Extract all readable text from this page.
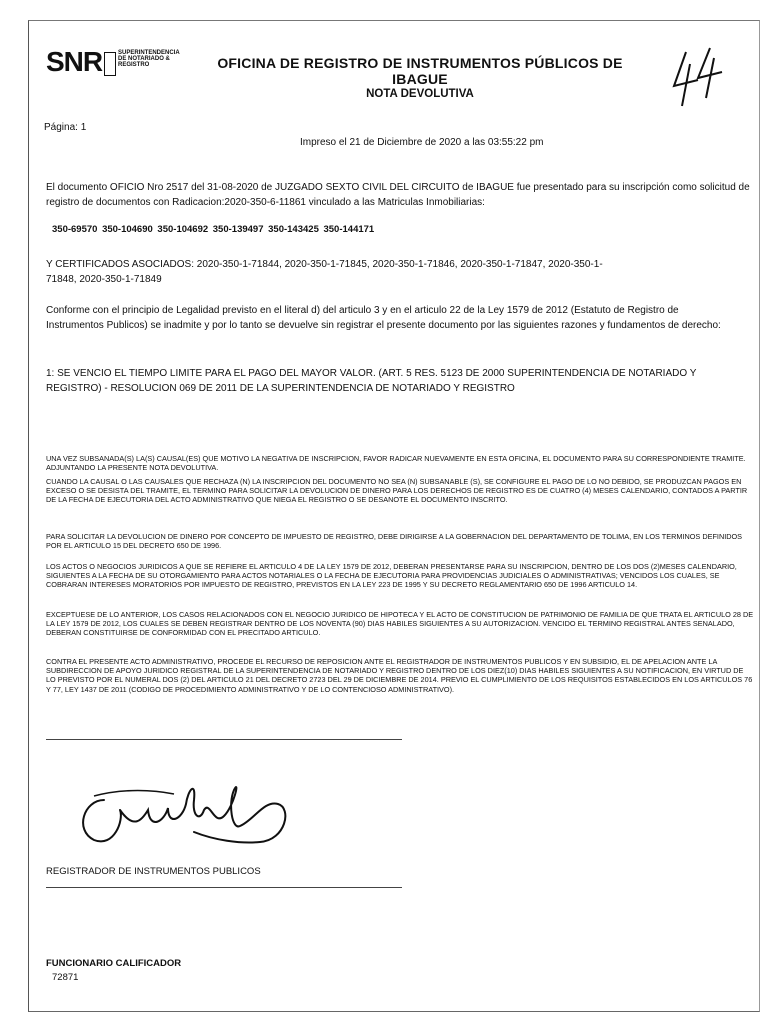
SNR	SUPERINTENDENCIA DE NOTARIADO & REGISTRO	OFICINA DE REGISTRO DE INSTRUMENTOS PÚBLICOS DE IBAGUE
NOTA DEVOLUTIVA
Página: 1
Impreso el 21 de Diciembre de 2020 a las 03:55:22 pm
El documento OFICIO Nro 2517 del 31-08-2020 de JUZGADO SEXTO CIVIL DEL CIRCUITO de IBAGUE fue presentado para su inscripción como solicitud de registro de documentos con Radicacion:2020-350-6-11861 vinculado a las Matriculas Inmobiliarias:
350-69570 350-104690 350-104692 350-139497 350-143425 350-144171
Y CERTIFICADOS ASOCIADOS: 2020-350-1-71844, 2020-350-1-71845, 2020-350-1-71846, 2020-350-1-71847, 2020-350-1-71848, 2020-350-1-71849
Conforme con el principio de Legalidad previsto en el literal d) del articulo 3 y en el articulo 22 de la Ley 1579 de 2012 (Estatuto de Registro de Instrumentos Publicos) se inadmite y por lo tanto se devuelve sin registrar el presente documento por las siguientes razones y fundamentos de derecho:
1: SE VENCIO EL TIEMPO LIMITE PARA EL PAGO DEL MAYOR VALOR. (ART. 5 RES. 5123 DE 2000 SUPERINTENDENCIA DE NOTARIADO Y REGISTRO) - RESOLUCION 069 DE 2011 DE LA SUPERINTENDENCIA DE NOTARIADO Y REGISTRO
UNA VEZ SUBSANADA(S) LA(S) CAUSAL(ES) QUE MOTIVO LA NEGATIVA DE INSCRIPCION, FAVOR RADICAR NUEVAMENTE EN ESTA OFICINA, EL DOCUMENTO PARA SU CORRESPONDIENTE TRAMITE. ADJUNTANDO LA PRESENTE NOTA DEVOLUTIVA.
CUANDO LA CAUSAL O LAS CAUSALES QUE RECHAZA (N) LA INSCRIPCION DEL DOCUMENTO NO SEA (N) SUBSANABLE (S), SE CONFIGURE EL PAGO DE LO NO DEBIDO, SE PRODUZCAN PAGOS EN EXCESO O SE DESISTA DEL TRAMITE, EL TERMINO PARA SOLICITAR LA DEVOLUCION DE DINERO PARA LOS DERECHOS DE REGISTRO ES DE CUATRO (4) MESES CALENDARIO, CONTADOS A PARTIR DE LA FECHA DE EJECUTORIA DEL ACTO ADMINISTRATIVO QUE NIEGA EL REGISTRO O SE DESANOTE EL DOCUMENTO INSCRITO.
PARA SOLICITAR LA DEVOLUCION DE DINERO POR CONCEPTO DE IMPUESTO DE REGISTRO, DEBE DIRIGIRSE A LA GOBERNACION DEL DEPARTAMENTO DE TOLIMA, EN LOS TERMINOS DEFINIDOS POR EL ARTICULO 15 DEL DECRETO 650 DE 1996.
LOS ACTOS O NEGOCIOS JURIDICOS A QUE SE REFIERE EL ARTICULO 4 DE LA LEY 1579 DE 2012, DEBERAN PRESENTARSE PARA SU INSCRIPCION, DENTRO DE LOS DOS (2)MESES CALENDARIO, SIGUIENTES A LA FECHA DE SU OTORGAMIENTO PARA ACTOS NOTARIALES O LA FECHA DE EJECUTORIA PARA PROVIDENCIAS JUDICIALES O ADMINISTRATIVAS; VENCIDOS LOS CUALES, SE COBRARAN INTERESES MORATORIOS POR IMPUESTO DE REGISTRO, PREVISTOS EN LA LEY 223 DE 1995 Y SU DECRETO REGLAMENTARIO 650 DE 1996 ARTICULO 14.
EXCEPTUESE DE LO ANTERIOR, LOS CASOS RELACIONADOS CON EL NEGOCIO JURIDICO DE HIPOTECA Y EL ACTO DE CONSTITUCION DE PATRIMONIO DE FAMILIA DE QUE TRATA EL ARTICULO 28 DE LA LEY 1579 DE 2012, LOS CUALES SE DEBEN REGISTRAR DENTRO DE LOS NOVENTA (90) DIAS HABILES SIGUIENTES A SU AUTORIZACION. VENCIDO EL TERMINO REGISTRAL ANTES SENALADO, DEBERAN CONSTITUIRSE DE CONFORMIDAD CON EL PRECITADO ARTICULO.
CONTRA EL PRESENTE ACTO ADMINISTRATIVO, PROCEDE EL RECURSO DE REPOSICION ANTE EL REGISTRADOR DE INSTRUMENTOS PUBLICOS Y EN SUBSIDIO, EL DE APELACION ANTE LA SUBDIRECCION DE APOYO JURIDICO REGISTRAL DE LA SUPERINTENDENCIA DE NOTARIADO Y REGISTRO DENTRO DE LOS DIEZ(10) DIAS HABILES SIGUIENTES A SU NOTIFICACION, EN VIRTUD DE LO PREVISTO POR EL NUMERAL DOS (2) DEL ARTICULO 21 DEL DECRETO 2723 DEL 29 DE DICIEMBRE DE 2014. PREVIO EL CUMPLIMIENTO DE LOS REQUISITOS ESTABLECIDOS EN LOS ARTICULOS 76 Y 77, LEY 1437 DE 2011 (CODIGO DE PROCEDIMIENTO ADMINISTRATIVO Y DE LO CONTENCIOSO ADMINISTRATIVO).
REGISTRADOR DE INSTRUMENTOS PUBLICOS
FUNCIONARIO CALIFICADOR
72871
